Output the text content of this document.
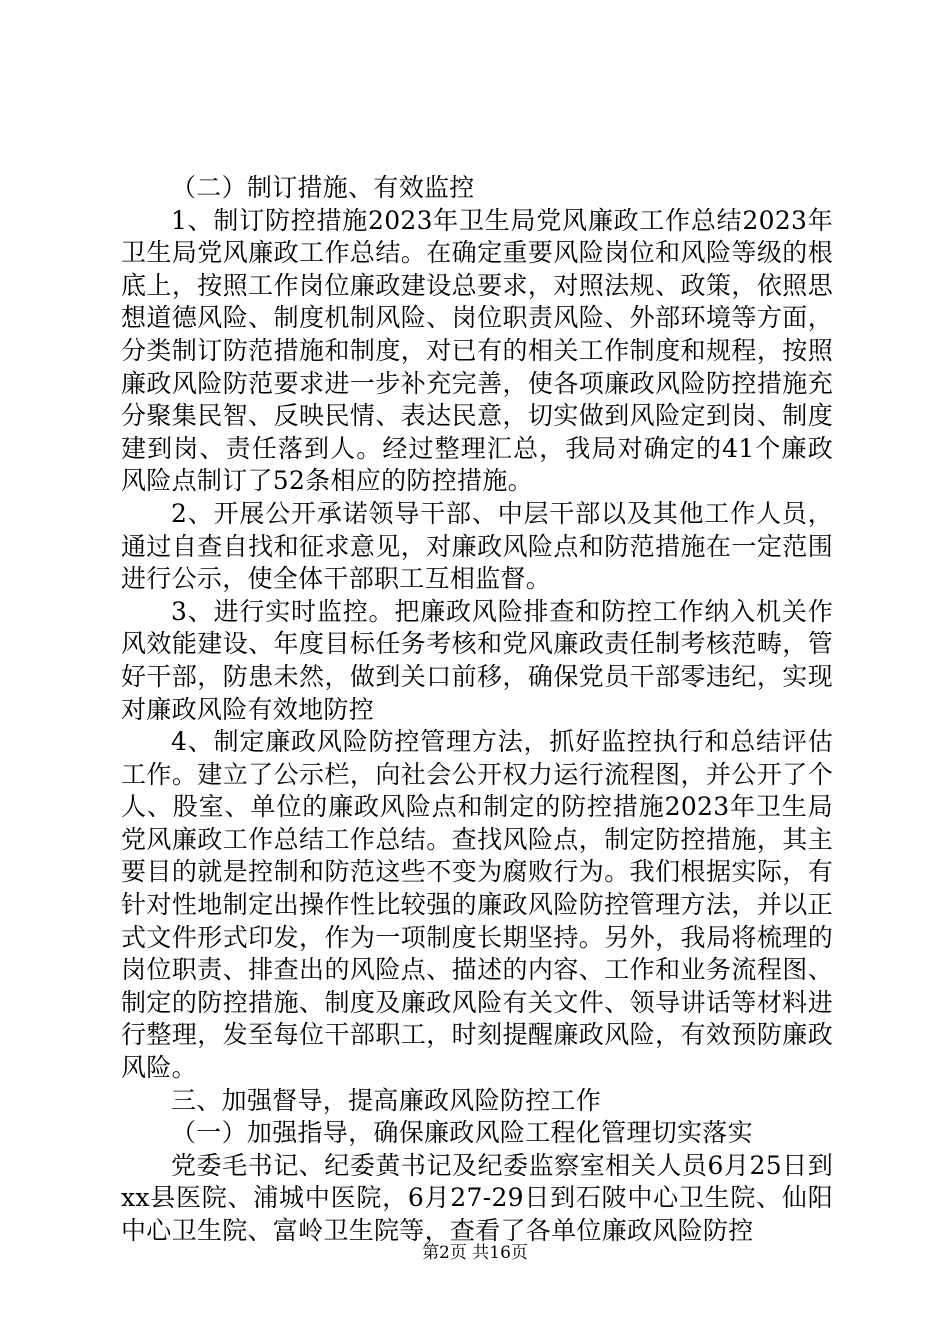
（二）制订措施、有效监控

1、制订防控措施2023年卫生局党风廉政工作总结2023年卫生局党风廉政工作总结。在确定重要风险岗位和风险等级的根底上，按照工作岗位廉政建设总要求，对照法规、政策，依照思想道德风险、制度机制风险、岗位职责风险、外部环境等方面，分类制订防范措施和制度，对已有的相关工作制度和规程，按照廉政风险防范要求进一步补充完善，使各项廉政风险防控措施充分聚集民智、反映民情、表达民意，切实做到风险定到岗、制度建到岗、责任落到人。经过整理汇总，我局对确定的41个廉政风险点制订了52条相应的防控措施。

2、开展公开承诺领导干部、中层干部以及其他工作人员，通过自查自找和征求意见，对廉政风险点和防范措施在一定范围进行公示，使全体干部职工互相监督。

3、进行实时监控。把廉政风险排查和防控工作纳入机关作风效能建设、年度目标任务考核和党风廉政责任制考核范畴，管好干部，防患未然，做到关口前移，确保党员干部零违纪，实现对廉政风险有效地防控

4、制定廉政风险防控管理方法，抓好监控执行和总结评估工作。建立了公示栏，向社会公开权力运行流程图，并公开了个人、股室、单位的廉政风险点和制定的防控措施2023年卫生局党风廉政工作总结工作总结。查找风险点，制定防控措施，其主要目的就是控制和防范这些不变为腐败行为。我们根据实际，有针对性地制定出操作性比较强的廉政风险防控管理方法，并以正式文件形式印发，作为一项制度长期坚持。另外，我局将梳理的岗位职责、排查出的风险点、描述的内容、工作和业务流程图、制定的防控措施、制度及廉政风险有关文件、领导讲话等材料进行整理，发至每位干部职工，时刻提醒廉政风险，有效预防廉政风险。

三、加强督导，提高廉政风险防控工作

（一）加强指导，确保廉政风险工程化管理切实落实

党委毛书记、纪委黄书记及纪委监察室相关人员6月25日到xx县医院、浦城中医院，6月27-29日到石陂中心卫生院、仙阳中心卫生院、富岭卫生院等，查看了各单位廉政风险防控

第2页 共16页
